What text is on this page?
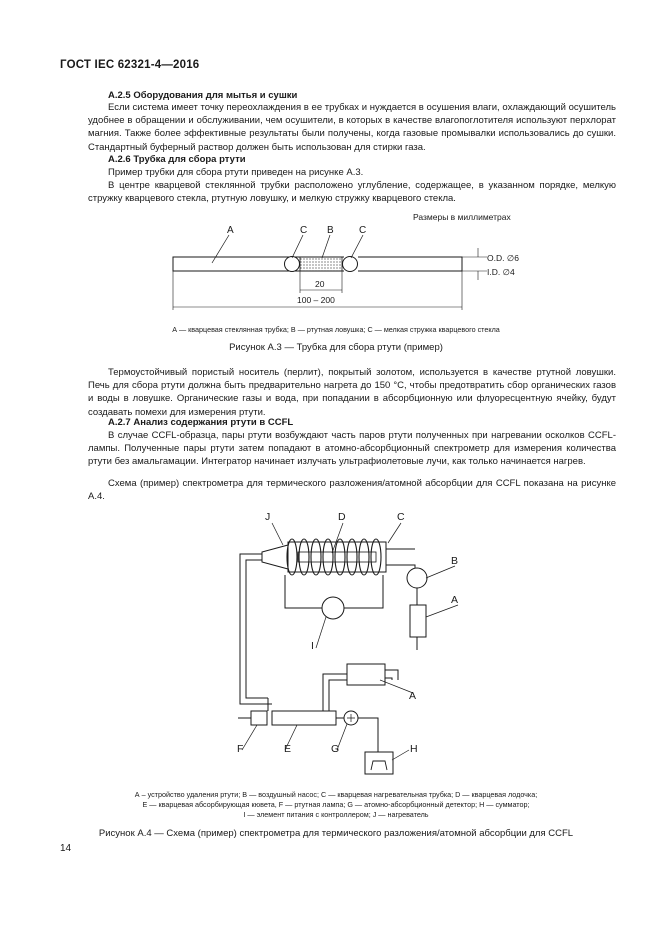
ГОСТ IEC 62321-4—2016
А.2.5 Оборудования для мытья и сушки
Если система имеет точку переохлаждения в ее трубках и нуждается в осушения влаги, охлаждающий осушитель удобнее в обращении и обслуживании, чем осушители, в которых в качестве влагопоглотителя используют перхлорат магния. Также более эффективные результаты были получены, когда газовые промывалки использовались до сушки. Стандартный буферный раствор должен быть использован для стирки газа.
А.2.6 Трубка для сбора ртути
Пример трубки для сбора ртути приведен на рисунке А.3.
В центре кварцевой стеклянной трубки расположено углубление, содержащее, в указанном порядке, мелкую стружку кварцевого стекла, ртутную ловушку, и мелкую стружку кварцевого стекла.
Размеры в миллиметрах
A	C B	C
O.D. ∅6
I.D. ∅4
20
100 – 200
А — кварцевая стеклянная трубка; В — ртутная ловушка; С — мелкая стружка кварцевого стекла
Рисунок А.3 — Трубка для сбора ртути (пример)
Термоустойчивый пористый носитель (перлит), покрытый золотом, используется в качестве ртутной ловушки. Печь для сбора ртути должна быть предварительно нагрета до 150 °С, чтобы предотвратить сбор органических газов и воды в ловушке. Органические газы и вода, при попадании в абсорбционную или флуоресцентную ячейку, будут создавать помехи для измерения ртути.
А.2.7 Анализ содержания ртути в CCFL
В случае CCFL-образца, пары ртути возбуждают часть паров ртути полученных при нагревании осколков CCFL-лампы. Полученные пары ртути затем попадают в атомно-абсорбционный спектрометр для измерения количества ртути без амальгамации. Интегратор начинает излучать ультрафиолетовые лучи, как только начинается нагрев.
Схема (пример) спектрометра для термического разложения/атомной абсорбции для CCFL показана на рисунке А.4.
J	D	C
B
A
I
A
F	E	G	H
А – устройство удаления ртути; В — воздушный насос; С — кварцевая нагревательная трубка; D — кварцевая лодочка;
Е — кварцевая абсорбирующая кювета, F — ртутная лампа; G — атомно-абсорбционный детектор; Н — сумматор;
I — элемент питания с контроллером; J — нагреватель
Рисунок А.4 — Схема (пример) спектрометра для термического разложения/атомной абсорбции для CCFL
14
